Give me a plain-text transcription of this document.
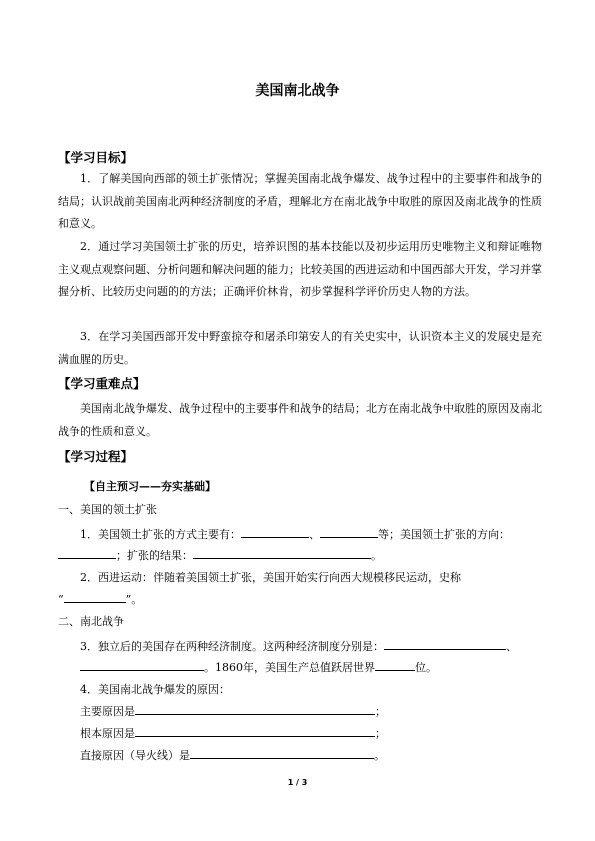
美国南北战争
【学习目标】

1．了解美国向西部的领土扩张情况；掌握美国南北战争爆发、战争过程中的主要事件和战争的结局；认识战前美国南北两种经济制度的矛盾，理解北方在南北战争中取胜的原因及南北战争的性质和意义。

2．通过学习美国领土扩张的历史，培养识图的基本技能以及初步运用历史唯物主义和辩证唯物主义观点观察问题、分析问题和解决问题的能力；比较美国的西进运动和中国西部大开发，学习并掌握分析、比较历史问题的的方法；正确评价林肯，初步掌握科学评价历史人物的方法。

3．在学习美国西部开发中野蛮掠夺和屠杀印第安人的有关史实中，认识资本主义的发展史是充满血腥的历史。

【学习重难点】

美国南北战争爆发、战争过程中的主要事件和战争的结局；北方在南北战争中取胜的原因及南北战争的性质和意义。

【学习过程】
【自主预习——夯实基础】
一、美国的领土扩张
1．美国领土扩张的方式主要有：	、	等；美国领土扩张的方向：
；扩张的结果：	。
2．西进运动：伴随着美国领土扩张，美国开始实行向西大规模移民运动，史称
“	”。
二、南北战争
3．独立后的美国存在两种经济制度。这两种经济制度分别是：	、
。1860年，美国生产总值跃居世界	位。
4．美国南北战争爆发的原因：
主要原因是	；
根本原因是	；
直接原因（导火线）是	。
1 / 3
